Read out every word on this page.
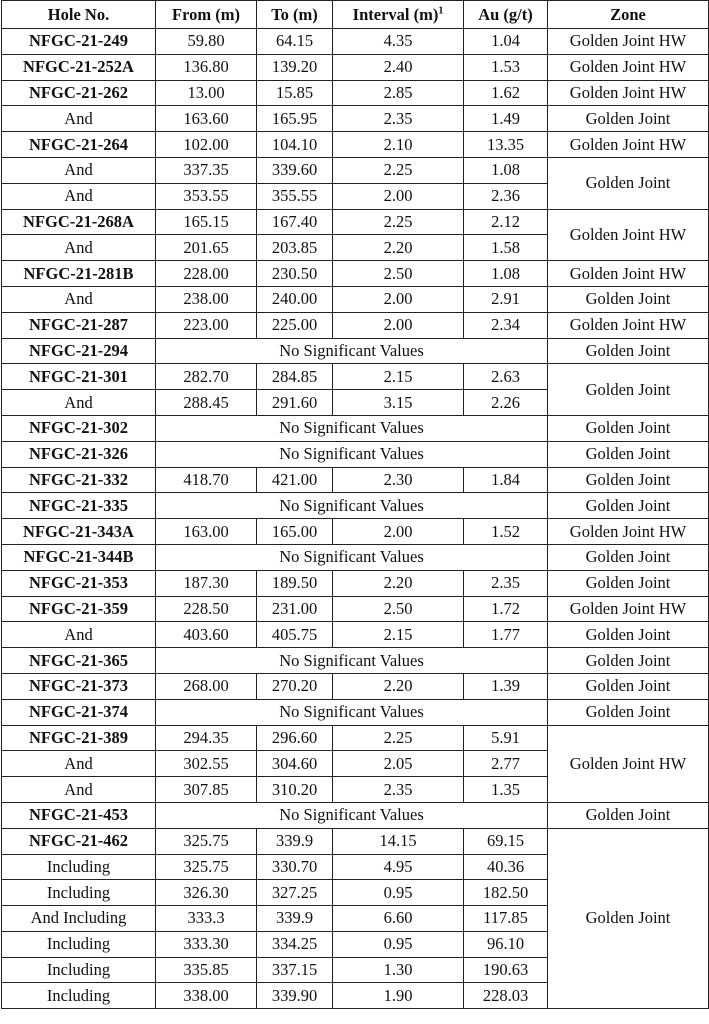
Hole No.	From (m)	To (m)	Interval $(m)^1$	Au (g/t)	Zone
NFGC-21-249	59.80	64.15	4.35	1.04	Golden Joint HW
NFGC-21-252A	136.80	139.20	2.40	1.53	Golden Joint HW
NFGC-21-262	13.00	15.85	2.85	1.62	Golden Joint HW
And	163.60	165.95	2.35	1.49	Golden Joint
NFGC-21-264	102.00	104.10	2.10	13.35	Golden Joint HW
And	337.35	339.60	2.25	1.08	Golden Joint
And	353.55	355.55	2.00	2.36	
NFGC-21-268A	165.15	167.40	2.25	2.12	Golden Joint HW
And	201.65	203.85	2.20	1.58	
NFGC-21-281B	228.00	230.50	2.50	1.08	Golden Joint HW
And	238.00	240.00	2.00	2.91	Golden Joint
NFGC-21-287	223.00	225.00	2.00	2.34	Golden Joint HW
NFGC-21-294	No Significant Values				Golden Joint
NFGC-21-301	282.70	284.85	2.15	2.63	Golden Joint
And	288.45	291.60	3.15	2.26	
NFGC-21-302	No Significant Values				Golden Joint
NFGC-21-326	No Significant Values				Golden Joint
NFGC-21-332	418.70	421.00	2.30	1.84	Golden Joint
NFGC-21-335	No Significant Values				Golden Joint
NFGC-21-343A	163.00	165.00	2.00	1.52	Golden Joint HW
NFGC-21-344B	No Significant Values				Golden Joint
NFGC-21-353	187.30	189.50	2.20	2.35	Golden Joint
NFGC-21-359	228.50	231.00	2.50	1.72	Golden Joint HW
And	403.60	405.75	2.15	1.77	Golden Joint
NFGC-21-365	No Significant Values				Golden Joint
NFGC-21-373	268.00	270.20	2.20	1.39	Golden Joint
NFGC-21-374	No Significant Values				Golden Joint
NFGC-21-389	294.35	296.60	2.25	5.91	Golden Joint HW
And	302.55	304.60	2.05	2.77	
And	307.85	310.20	2.35	1.35	
NFGC-21-453	No Significant Values				Golden Joint
NFGC-21-462	325.75	339.9	14.15	69.15	Golden Joint
Including	325.75	330.70	4.95	40.36	
Including	326.30	327.25	0.95	182.50	
And Including	333.3	339.9	6.60	117.85	
Including	333.30	334.25	0.95	96.10	
Including	335.85	337.15	1.30	190.63	
Including	338.00	339.90	1.90	228.03	
